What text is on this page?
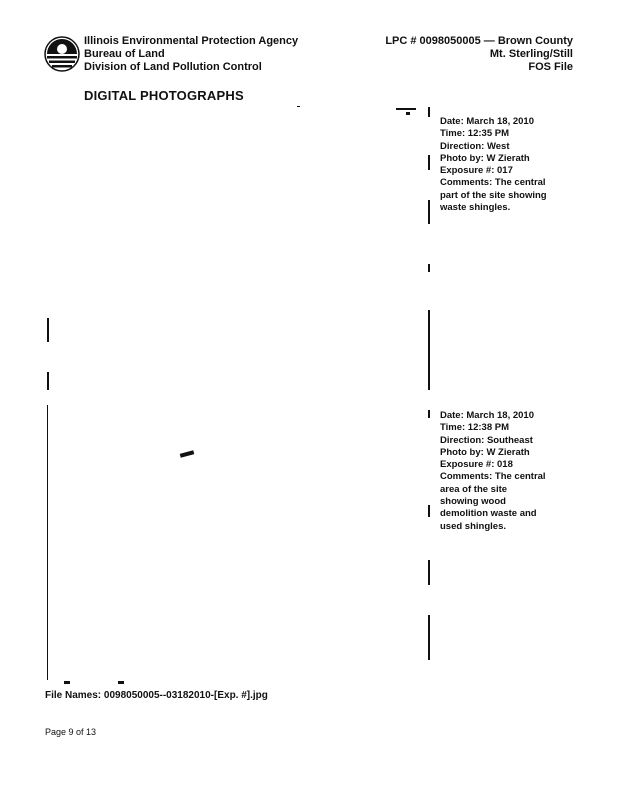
Illinois Environmental Protection Agency
Bureau of Land
Division of Land Pollution Control
LPC # 0098050005 — Brown County
Mt. Sterling/Still
FOS File
DIGITAL PHOTOGRAPHS
Date: March 18, 2010
Time: 12:35 PM
Direction: West
Photo by: W Zierath
Exposure #: 017
Comments: The central
part of the site showing
waste shingles.
Date: March 18, 2010
Time: 12:38 PM
Direction: Southeast
Photo by: W Zierath
Exposure #: 018
Comments: The central
area of the site
showing wood
demolition waste and
used shingles.
File Names: 0098050005--03182010-[Exp. #].jpg
Page 9 of 13
